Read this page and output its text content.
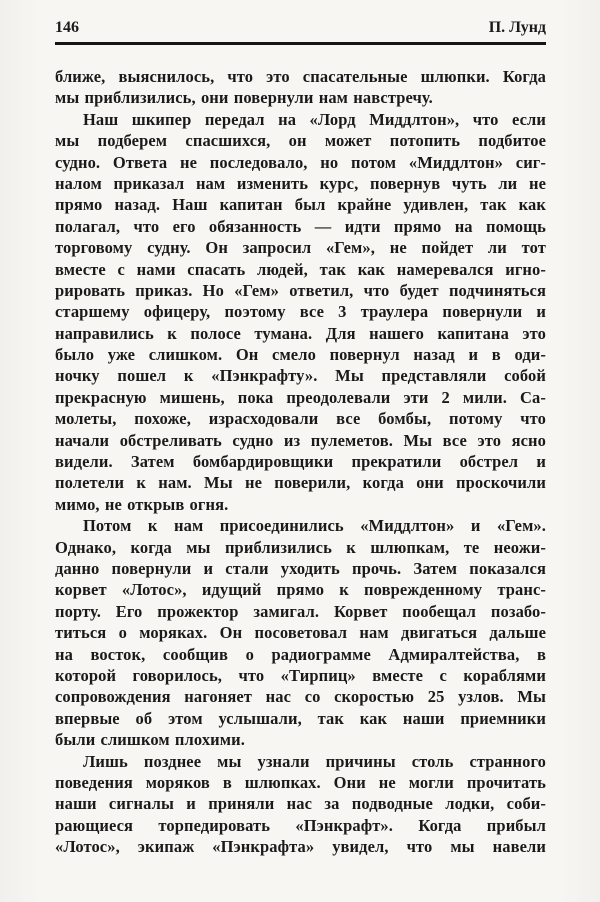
146	П. Лунд
ближе, выяснилось, что это спасательные шлюпки. Когда
мы приблизились, они повернули нам навстречу.
Наш шкипер передал на «Лорд Миддлтон», что если
мы подберем спасшихся, он может потопить подбитое
судно. Ответа не последовало, но потом «Миддлтон» сиг-
налом приказал нам изменить курс, повернув чуть ли не
прямо назад. Наш капитан был крайне удивлен, так как
полагал, что его обязанность — идти прямо на помощь
торговому судну. Он запросил «Гем», не пойдет ли тот
вместе с нами спасать людей, так как намеревался игно-
рировать приказ. Но «Гем» ответил, что будет подчиняться
старшему офицеру, поэтому все 3 траулера повернули и
направились к полосе тумана. Для нашего капитана это
было уже слишком. Он смело повернул назад и в оди-
ночку пошел к «Пэнкрафту». Мы представляли собой
прекрасную мишень, пока преодолевали эти 2 мили. Са-
молеты, похоже, израсходовали все бомбы, потому что
начали обстреливать судно из пулеметов. Мы все это ясно
видели. Затем бомбардировщики прекратили обстрел и
полетели к нам. Мы не поверили, когда они проскочили
мимо, не открыв огня.
Потом к нам присоединились «Миддлтон» и «Гем».
Однако, когда мы приблизились к шлюпкам, те неожи-
данно повернули и стали уходить прочь. Затем показался
корвет «Лотос», идущий прямо к поврежденному транс-
порту. Его прожектор замигал. Корвет пообещал позабо-
титься о моряках. Он посоветовал нам двигаться дальше
на восток, сообщив о радиограмме Адмиралтейства, в
которой говорилось, что «Тирпиц» вместе с кораблями
сопровождения нагоняет нас со скоростью 25 узлов. Мы
впервые об этом услышали, так как наши приемники
были слишком плохими.
Лишь позднее мы узнали причины столь странного
поведения моряков в шлюпках. Они не могли прочитать
наши сигналы и приняли нас за подводные лодки, соби-
рающиеся торпедировать «Пэнкрафт». Когда прибыл
«Лотос», экипаж «Пэнкрафта» увидел, что мы навели
